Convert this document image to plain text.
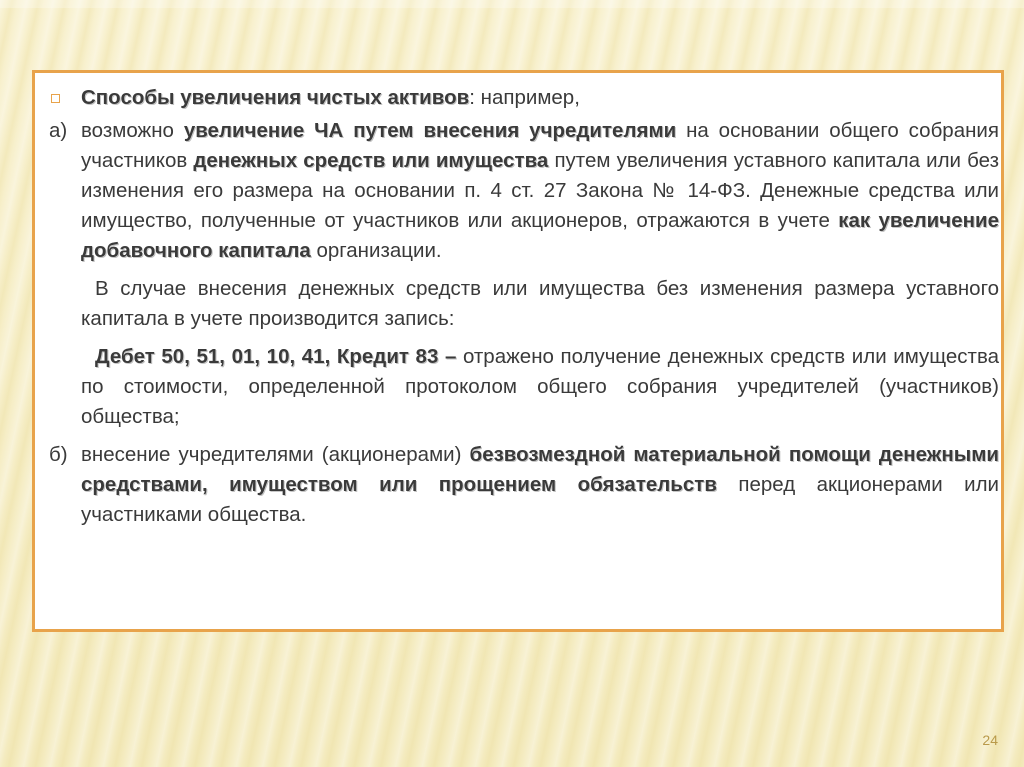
Способы увеличения чистых активов: например,

а) возможно увеличение ЧА путем внесения учредителями на основании общего собрания участников денежных средств или имущества путем увеличения уставного капитала или без изменения его размера на основании п. 4 ст. 27 Закона № 14-ФЗ. Денежные средства или имущество, полученные от участников или акционеров, отражаются в учете как увеличение добавочного капитала организации.

В случае внесения денежных средств или имущества без изменения размера уставного капитала в учете производится запись:

Дебет 50, 51, 01, 10, 41, Кредит 83 – отражено получение денежных средств или имущества по стоимости, определенной протоколом общего собрания учредителей (участников) общества;

б) внесение учредителями (акционерами) безвозмездной материальной помощи денежными средствами, имуществом или прощением обязательств перед акционерами или участниками общества.

24
